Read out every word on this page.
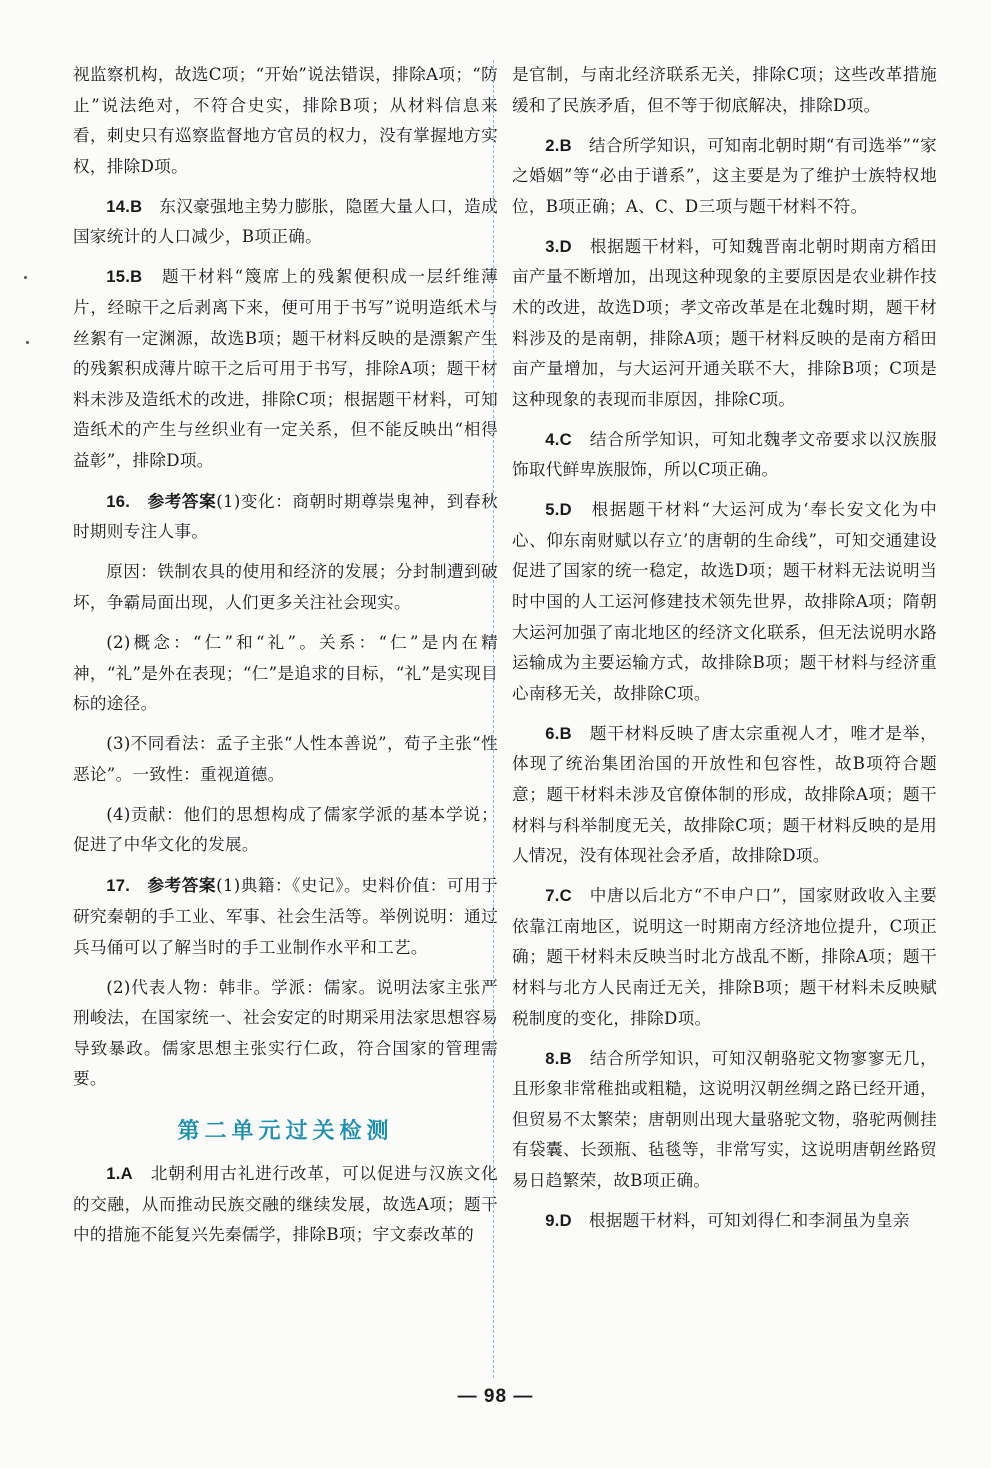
视监察机构，故选C项；“开始”说法错误，排除A项；“防止”说法绝对，不符合史实，排除B项；从材料信息来看，刺史只有巡察监督地方官员的权力，没有掌握地方实权，排除D项。

14.B　 东汉豪强地主势力膨胀，隐匿大量人口，造成国家统计的人口减少，B项正确。

15.B　 题干材料“篾席上的残絮便积成一层纤维薄片，经晾干之后剥离下来，便可用于书写”说明造纸术与丝絮有一定渊源，故选B项；题干材料反映的是漂絮产生的残絮积成薄片晾干之后可用于书写，排除A项；题干材料未涉及造纸术的改进，排除C项；根据题干材料，可知造纸术的产生与丝织业有一定关系，但不能反映出“相得益彰”，排除D项。

16.　 参考答案(1)变化：商朝时期尊崇鬼神，到春秋时期则专注人事。

原因：铁制农具的使用和经济的发展；分封制遭到破坏，争霸局面出现，人们更多关注社会现实。

(2)概念：“仁”和“礼”。关系：“仁”是内在精神，“礼”是外在表现；“仁”是追求的目标，“礼”是实现目标的途径。

(3)不同看法：孟子主张“人性本善说”，荀子主张“性恶论”。一致性：重视道德。

(4)贡献：他们的思想构成了儒家学派的基本学说；促进了中华文化的发展。

17.　 参考答案(1)典籍：《史记》。史料价值：可用于研究秦朝的手工业、军事、社会生活等。举例说明：通过兵马俑可以了解当时的手工业制作水平和工艺。

(2)代表人物：韩非。学派：儒家。说明法家主张严刑峻法，在国家统一、社会安定的时期采用法家思想容易导致暴政。儒家思想主张实行仁政，符合国家的管理需要。

第二单元过关检测

1.A　 北朝利用古礼进行改革，可以促进与汉族文化的交融，从而推动民族交融的继续发展，故选A项；题干中的措施不能复兴先秦儒学，排除B项；宇文泰改革的

是官制，与南北经济联系无关，排除C项；这些改革措施缓和了民族矛盾，但不等于彻底解决，排除D项。

2.B　 结合所学知识，可知南北朝时期“有司选举”“家之婚姻”等“必由于谱系”，这主要是为了维护士族特权地位，B项正确；A、C、D三项与题干材料不符。

3.D　 根据题干材料，可知魏晋南北朝时期南方稻田亩产量不断增加，出现这种现象的主要原因是农业耕作技术的改进，故选D项；孝文帝改革是在北魏时期，题干材料涉及的是南朝，排除A项；题干材料反映的是南方稻田亩产量增加，与大运河开通关联不大，排除B项；C项是这种现象的表现而非原因，排除C项。

4.C　 结合所学知识，可知北魏孝文帝要求以汉族服饰取代鲜卑族服饰，所以C项正确。

5.D　 根据题干材料“大运河成为‘奉长安文化为中心、仰东南财赋以存立’的唐朝的生命线”，可知交通建设促进了国家的统一稳定，故选D项；题干材料无法说明当时中国的人工运河修建技术领先世界，故排除A项；隋朝大运河加强了南北地区的经济文化联系，但无法说明水路运输成为主要运输方式，故排除B项；题干材料与经济重心南移无关，故排除C项。

6.B　 题干材料反映了唐太宗重视人才，唯才是举，体现了统治集团治国的开放性和包容性，故B项符合题意；题干材料未涉及官僚体制的形成，故排除A项；题干材料与科举制度无关，故排除C项；题干材料反映的是用人情况，没有体现社会矛盾，故排除D项。

7.C　 中唐以后北方“不申户口”，国家财政收入主要依靠江南地区，说明这一时期南方经济地位提升，C项正确；题干材料未反映当时北方战乱不断，排除A项；题干材料与北方人民南迁无关，排除B项；题干材料未反映赋税制度的变化，排除D项。

8.B　 结合所学知识，可知汉朝骆驼文物寥寥无几，且形象非常稚拙或粗糙，这说明汉朝丝绸之路已经开通，但贸易不太繁荣；唐朝则出现大量骆驼文物，骆驼两侧挂有袋囊、长颈瓶、毡毯等，非常写实，这说明唐朝丝路贸易日趋繁荣，故B项正确。

9.D　 根据题干材料，可知刘得仁和李洞虽为皇亲

— 98 —
